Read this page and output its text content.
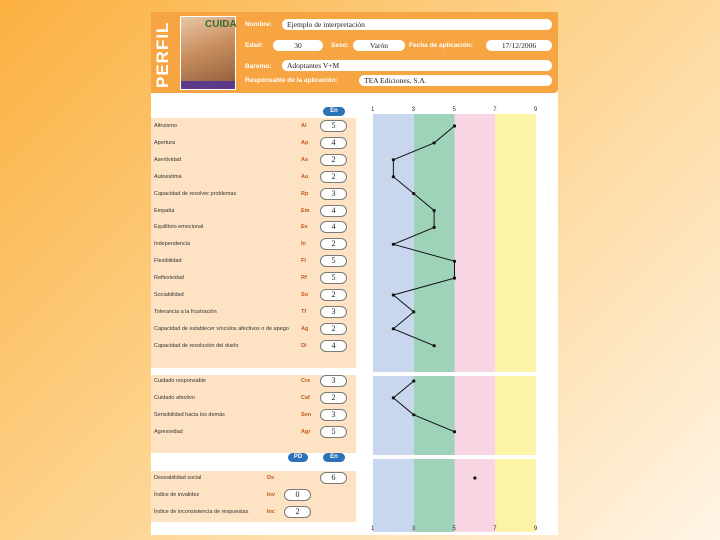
PERFIL	CUIDA Nombre:	Ejemplo de interpretación
Edad:	30	Sexo:	Varón	Fecha de aplicación:	17/12/2006
Baremo:	Adoptantes V+M
Responsable de la aplicación:	TEA Ediciones, S.A.
En
PD	En
Altruismo	Al	5
Apertura	Ap	4
Asertividad	As	2
Autoestima	Au	2
Capacidad de resolver problemas	Rp	3
Empatía	Em	4
Equilibrio emocional	Ee	4
Independencia	In	2
Flexibilidad	Fl	5
Reflexividad	Rf	5
Sociabilidad	So	2
Tolerancia a la frustración	Tf	3
Capacidad de establecer vínculos afectivos o de apego Ag	2
Capacidad de resolución del duelo	Dl	4
Cuidado responsable	Cre	3
Cuidado afectivo	Caf	2
Sensibilidad hacia los demás	Sen	3
Agresividad	Agr	5
Deseabilidad social	Ds	6
Índice de invalidez	Inv	0
Índice de inconsistencia de respuestas	Inc	2
1	3	5	7	9
1	3	5	7	9
